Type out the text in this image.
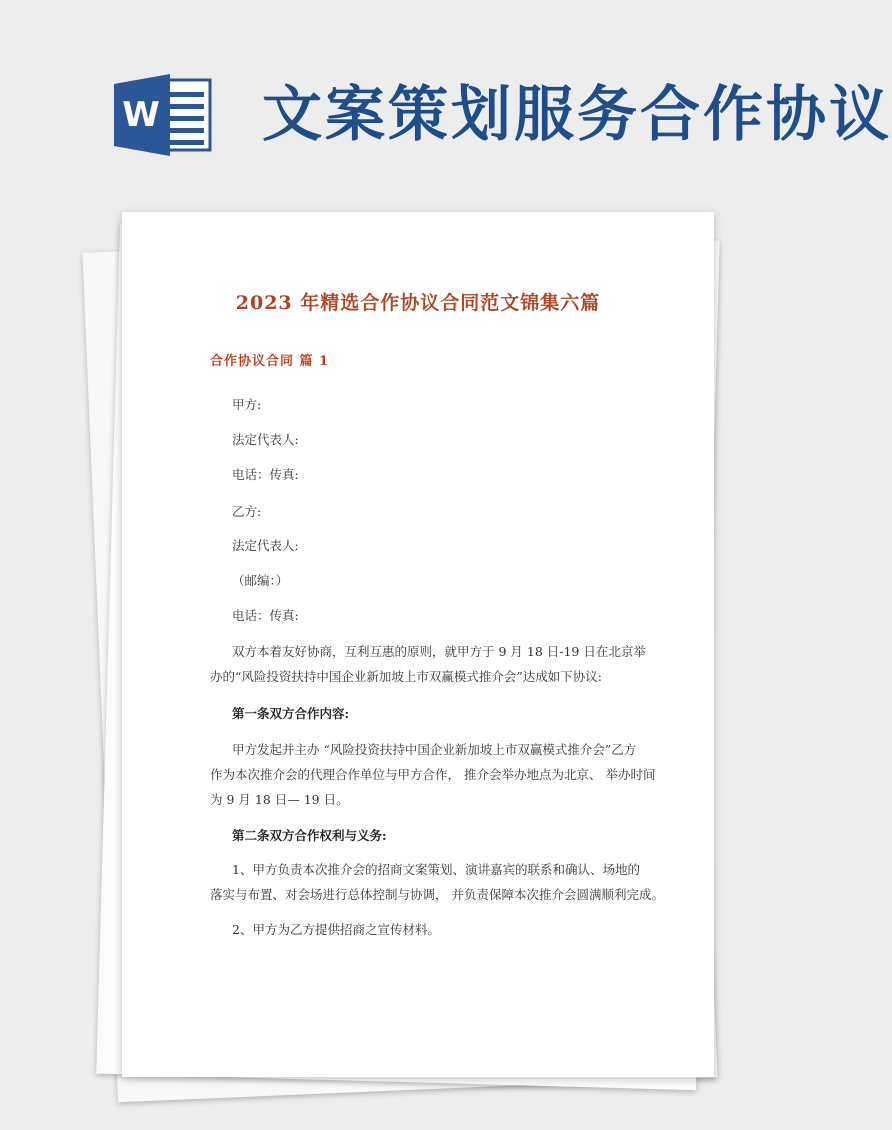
W 文案策划服务合作协议
2023 年精选合作协议合同范文锦集六篇
合作协议合同 篇 1
甲方:
法定代表人:
电话：传真:
乙方:
法定代表人:
（邮编：）
电话：传真:
双方本着友好协商，互利互惠的原则，就甲方于 9 月 18 日-19 日在北京举
办的“风险投资扶持中国企业新加坡上市双赢模式推介会”达成如下协议:
第一条双方合作内容:
甲方发起并主办 “风险投资扶持中国企业新加坡上市双赢模式推介会”乙方
作为本次推介会的代理合作单位与甲方合作， 推介会举办地点为北京、 举办时间
为 9 月 18 日— 19 日。
第二条双方合作权利与义务:
1、甲方负责本次推介会的招商文案策划、演讲嘉宾的联系和确认、场地的
落实与布置、对会场进行总体控制与协调， 并负责保障本次推介会圆满顺利完成。
2、甲方为乙方提供招商之宣传材料。
